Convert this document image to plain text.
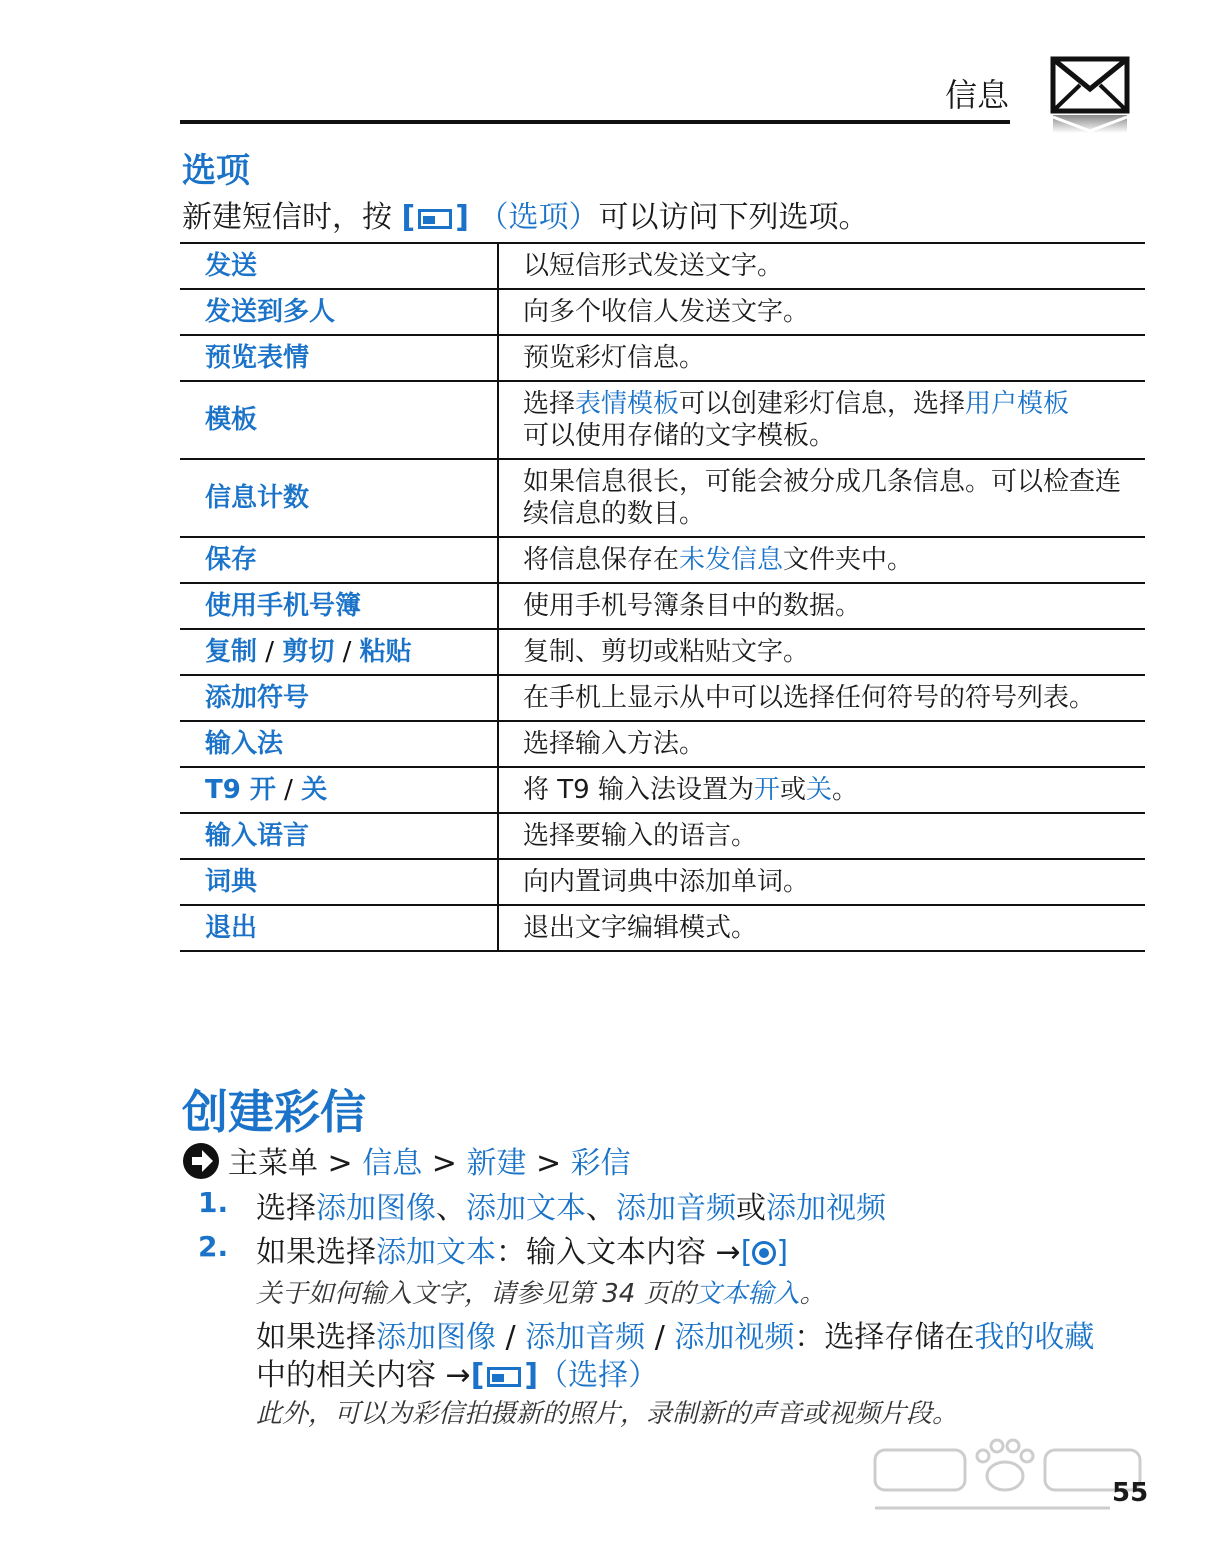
信息
选项
新建短信时，按 [ ] （选项）可以访问下列选项。
发送	以短信形式发送文字。
发送到多人	向多个收信人发送文字。
预览表情	预览彩灯信息。
模板	选择表情模板可以创建彩灯信息，选择用户模板
可以使用存储的文字模板。
信息计数	如果信息很长，可能会被分成几条信息。可以检查连续信息的数目。
保存	将信息保存在未发信息文件夹中。
使用手机号簿	使用手机号簿条目中的数据。
复制 / 剪切 / 粘贴	复制、剪切或粘贴文字。
添加符号	在手机上显示从中可以选择任何符号的符号列表。
输入法	选择输入方法。
T9 开 / 关	将 T9 输入法设置为开或关。
输入语言	选择要输入的语言。
词典	向内置词典中添加单词。
退出	退出文字编辑模式。
创建彩信
主菜单 > 信息 > 新建 > 彩信
1. 选择添加图像、添加文本、添加音频或添加视频
2. 如果选择添加文本：输入文本内容 →[ ]
关于如何输入文字，请参见第 34 页的文本输入。
如果选择添加图像 / 添加音频 / 添加视频：选择存储在我的收藏
中的相关内容 →[ ]（选择）
此外，可以为彩信拍摄新的照片，录制新的声音或视频片段。
55
